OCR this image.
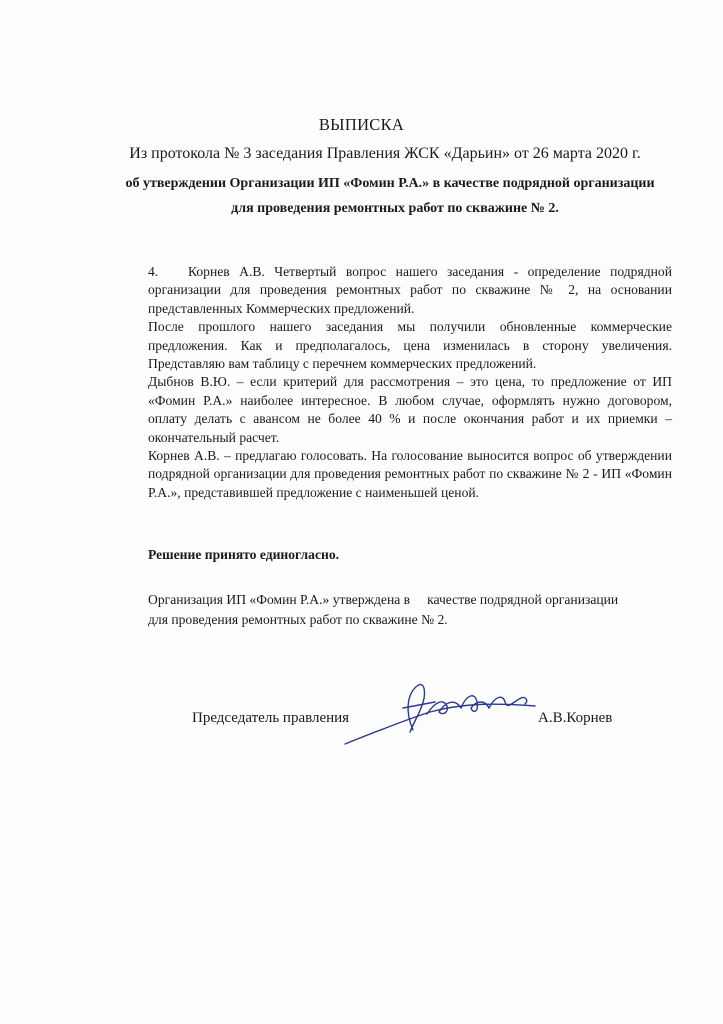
ВЫПИСКА
Из протокола № 3 заседания Правления ЖСК «Дарьин» от 26 марта 2020 г.
об утверждении Организации ИП «Фомин Р.А.» в качестве подрядной организации
для проведения ремонтных работ по скважине № 2.

4. Корнев А.В. Четвертый вопрос нашего заседания - определение подрядной организации для проведения ремонтных работ по скважине № 2, на основании представленных Коммерческих предложений.

После прошлого нашего заседания мы получили обновленные коммерческие предложения. Как и предполагалось, цена изменилась в сторону увеличения. Представляю вам таблицу с перечнем коммерческих предложений.

Дыбнов В.Ю. – если критерий для рассмотрения – это цена, то предложение от ИП «Фомин Р.А.» наиболее интересное. В любом случае, оформлять нужно договором, оплату делать с авансом не более 40 % и после окончания работ и их приемки – окончательный расчет.

Корнев А.В. – предлагаю голосовать. На голосование выносится вопрос об утверждении подрядной организации для проведения ремонтных работ по скважине № 2 - ИП «Фомин Р.А.», представившей предложение с наименьшей ценой.

Решение принято единогласно.
Организация ИП «Фомин Р.А.» утверждена в     качестве подрядной организации
для проведения ремонтных работ по скважине № 2.
Председатель правления	А.В.Корнев
